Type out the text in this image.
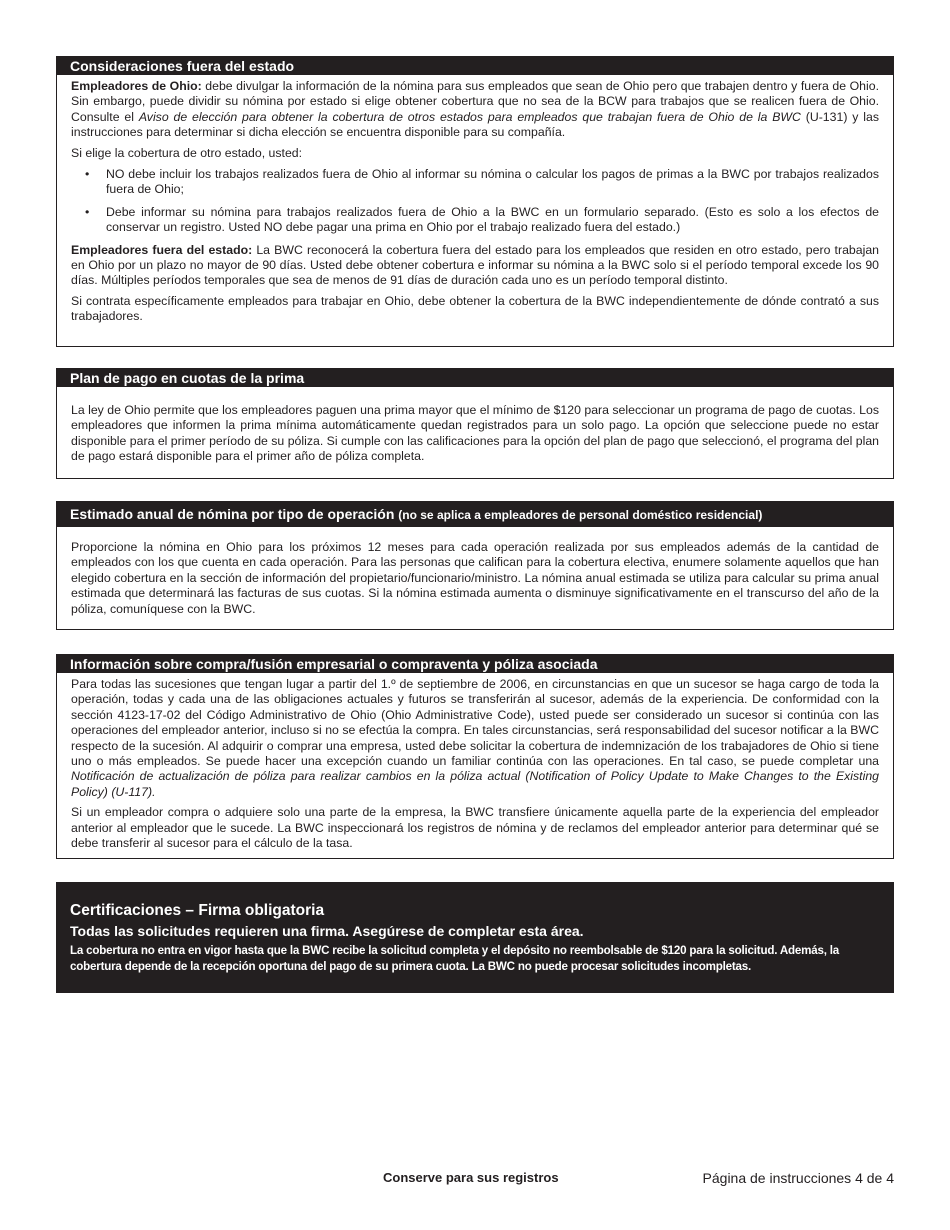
Consideraciones fuera del estado

Empleadores de Ohio: debe divulgar la información de la nómina para sus empleados que sean de Ohio pero que trabajen dentro y fuera de Ohio. Sin embargo, puede dividir su nómina por estado si elige obtener cobertura que no sea de la BCW para trabajos que se realicen fuera de Ohio. Consulte el Aviso de elección para obtener la cobertura de otros estados para empleados que trabajan fuera de Ohio de la BWC (U-131) y las instrucciones para determinar si dicha elección se encuentra disponible para su compañía.

Si elige la cobertura de otro estado, usted:

• NO debe incluir los trabajos realizados fuera de Ohio al informar su nómina o calcular los pagos de primas a la BWC por trabajos realizados fuera de Ohio;
• Debe informar su nómina para trabajos realizados fuera de Ohio a la BWC en un formulario separado. (Esto es solo a los efectos de conservar un registro. Usted NO debe pagar una prima en Ohio por el trabajo realizado fuera del estado.)

Empleadores fuera del estado: La BWC reconocerá la cobertura fuera del estado para los empleados que residen en otro estado, pero trabajan en Ohio por un plazo no mayor de 90 días. Usted debe obtener cobertura e informar su nómina a la BWC solo si el período temporal excede los 90 días. Múltiples períodos temporales que sea de menos de 91 días de duración cada uno es un período temporal distinto.

Si contrata específicamente empleados para trabajar en Ohio, debe obtener la cobertura de la BWC independientemente de dónde contrató a sus trabajadores.

Plan de pago en cuotas de la prima

La ley de Ohio permite que los empleadores paguen una prima mayor que el mínimo de $120 para seleccionar un programa de pago de cuotas. Los empleadores que informen la prima mínima automáticamente quedan registrados para un solo pago. La opción que seleccione puede no estar disponible para el primer período de su póliza. Si cumple con las calificaciones para la opción del plan de pago que seleccionó, el programa del plan de pago estará disponible para el primer año de póliza completa.

Estimado anual de nómina por tipo de operación (no se aplica a empleadores de personal doméstico residencial)

Proporcione la nómina en Ohio para los próximos 12 meses para cada operación realizada por sus empleados además de la cantidad de empleados con los que cuenta en cada operación. Para las personas que califican para la cobertura electiva, enumere solamente aquellos que han elegido cobertura en la sección de información del propietario/funcionario/ministro. La nómina anual estimada se utiliza para calcular su prima anual estimada que determinará las facturas de sus cuotas. Si la nómina estimada aumenta o disminuye significativamente en el transcurso del año de la póliza, comuníquese con la BWC.

Información sobre compra/fusión empresarial o compraventa y póliza asociada

Para todas las sucesiones que tengan lugar a partir del 1.º de septiembre de 2006, en circunstancias en que un sucesor se haga cargo de toda la operación, todas y cada una de las obligaciones actuales y futuros se transferirán al sucesor, además de la experiencia. De conformidad con la sección 4123-17-02 del Código Administrativo de Ohio (Ohio Administrative Code), usted puede ser considerado un sucesor si continúa con las operaciones del empleador anterior, incluso si no se efectúa la compra. En tales circunstancias, será responsabilidad del sucesor notificar a la BWC respecto de la sucesión. Al adquirir o comprar una empresa, usted debe solicitar la cobertura de indemnización de los trabajadores de Ohio si tiene uno o más empleados. Se puede hacer una excepción cuando un familiar continúa con las operaciones. En tal caso, se puede completar una Notificación de actualización de póliza para realizar cambios en la póliza actual (Notification of Policy Update to Make Changes to the Existing Policy) (U-117).

Si un empleador compra o adquiere solo una parte de la empresa, la BWC transfiere únicamente aquella parte de la experiencia del empleador anterior al empleador que le sucede. La BWC inspeccionará los registros de nómina y de reclamos del empleador anterior para determinar qué se debe transferir al sucesor para el cálculo de la tasa.

Certificaciones – Firma obligatoria
Todas las solicitudes requieren una firma. Asegúrese de completar esta área.
La cobertura no entra en vigor hasta que la BWC recibe la solicitud completa y el depósito no reembolsable de $120 para la solicitud. Además, la cobertura depende de la recepción oportuna del pago de su primera cuota. La BWC no puede procesar solicitudes incompletas.
Conserve para sus registros	Página de instrucciones 4 de 4
